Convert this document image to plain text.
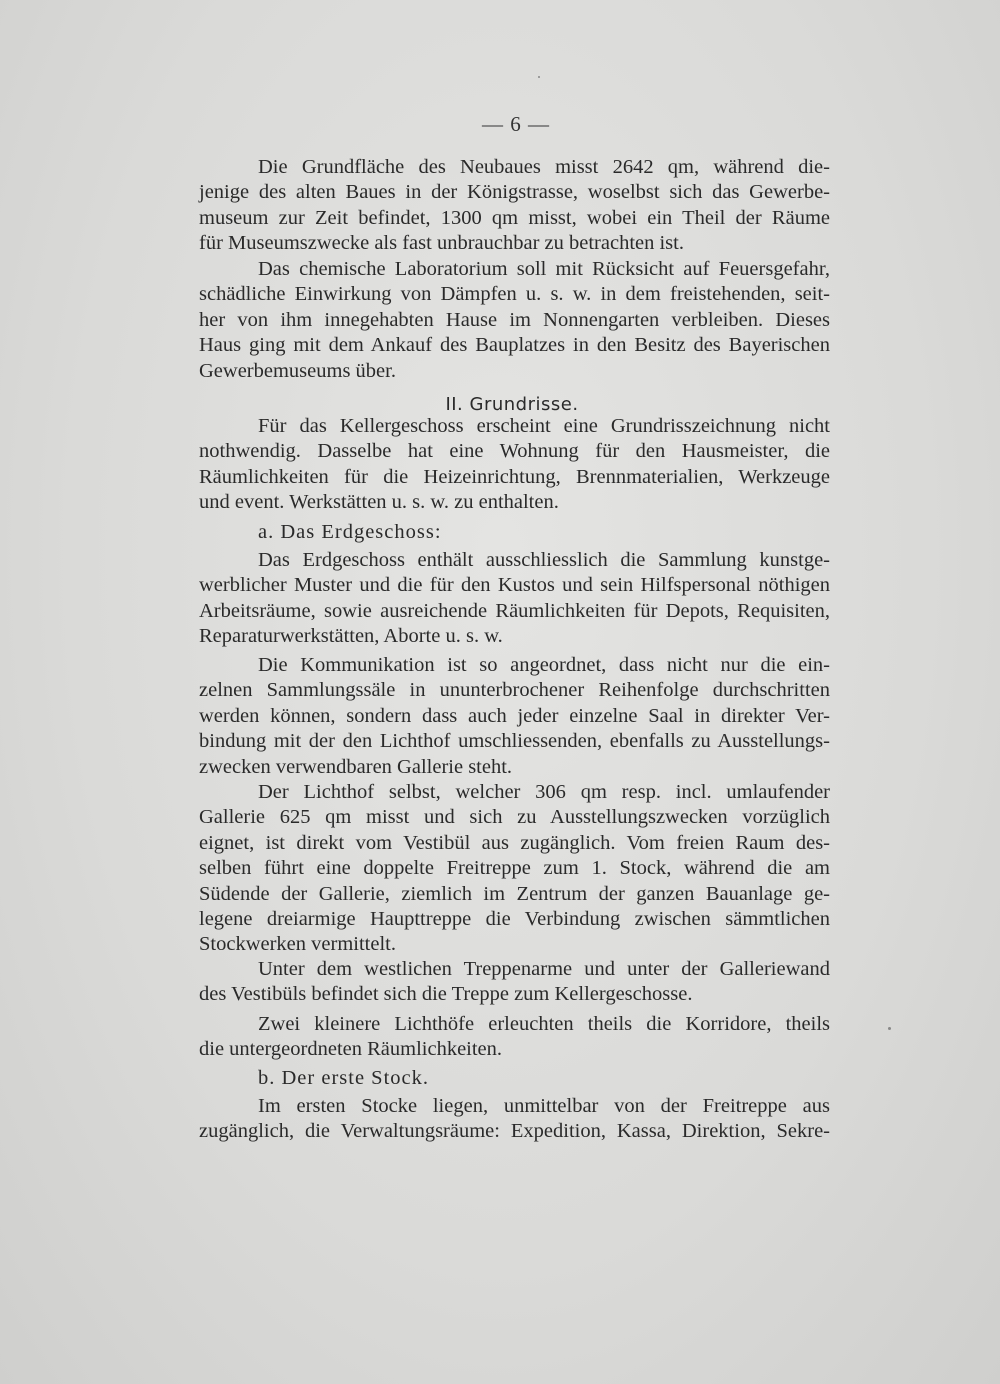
— 6 —
Die Grundfläche des Neubaues misst 2642 qm, während die-
jenige des alten Baues in der Königstrasse, woselbst sich das Gewerbe-
museum zur Zeit befindet, 1300 qm misst, wobei ein Theil der Räume
für Museumszwecke als fast unbrauchbar zu betrachten ist.
Das chemische Laboratorium soll mit Rücksicht auf Feuersgefahr,
schädliche Einwirkung von Dämpfen u. s. w. in dem freistehenden, seit-
her von ihm innegehabten Hause im Nonnengarten verbleiben. Dieses
Haus ging mit dem Ankauf des Bauplatzes in den Besitz des Bayerischen
Gewerbemuseums über.
II. Grundrisse.
Für das Kellergeschoss erscheint eine Grundrisszeichnung nicht
nothwendig. Dasselbe hat eine Wohnung für den Hausmeister, die
Räumlichkeiten für die Heizeinrichtung, Brennmaterialien, Werkzeuge
und event. Werkstätten u. s. w. zu enthalten.
a. Das Erdgeschoss:
Das Erdgeschoss enthält ausschliesslich die Sammlung kunstge-
werblicher Muster und die für den Kustos und sein Hilfspersonal nöthigen
Arbeitsräume, sowie ausreichende Räumlichkeiten für Depots, Requisiten,
Reparaturwerkstätten, Aborte u. s. w.
Die Kommunikation ist so angeordnet, dass nicht nur die ein-
zelnen Sammlungssäle in ununterbrochener Reihenfolge durchschritten
werden können, sondern dass auch jeder einzelne Saal in direkter Ver-
bindung mit der den Lichthof umschliessenden, ebenfalls zu Ausstellungs-
zwecken verwendbaren Gallerie steht.
Der Lichthof selbst, welcher 306 qm resp. incl. umlaufender
Gallerie 625 qm misst und sich zu Ausstellungszwecken vorzüglich
eignet, ist direkt vom Vestibül aus zugänglich. Vom freien Raum des-
selben führt eine doppelte Freitreppe zum 1. Stock, während die am
Südende der Gallerie, ziemlich im Zentrum der ganzen Bauanlage ge-
legene dreiarmige Haupttreppe die Verbindung zwischen sämmtlichen
Stockwerken vermittelt.
Unter dem westlichen Treppenarme und unter der Galleriewand
des Vestibüls befindet sich die Treppe zum Kellergeschosse.
Zwei kleinere Lichthöfe erleuchten theils die Korridore, theils
die untergeordneten Räumlichkeiten.
b. Der erste Stock.
Im ersten Stocke liegen, unmittelbar von der Freitreppe aus
zugänglich, die Verwaltungsräume: Expedition, Kassa, Direktion, Sekre-
